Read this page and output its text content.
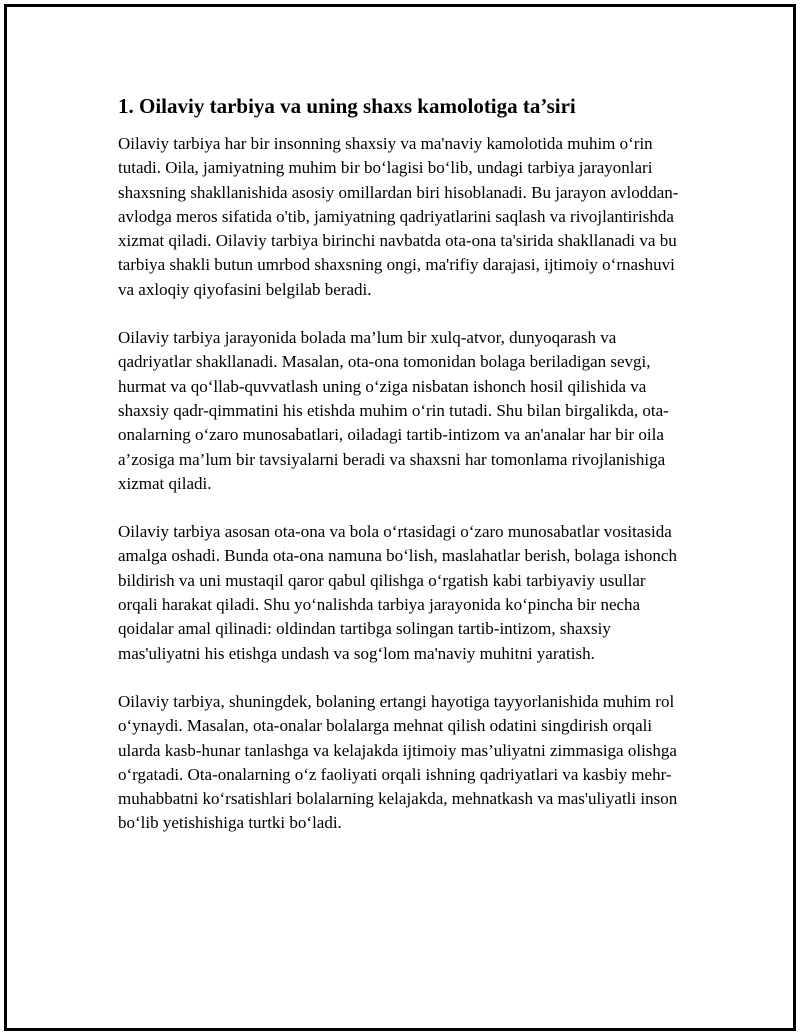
1. Oilaviy tarbiya va uning shaxs kamolotiga ta’siri

Oilaviy tarbiya har bir insonning shaxsiy va ma'naviy kamolotida muhim o‘rin tutadi. Oila, jamiyatning muhim bir bo‘lagisi bo‘lib, undagi tarbiya jarayonlari shaxsning shakllanishida asosiy omillardan biri hisoblanadi. Bu jarayon avloddan-avlodga meros sifatida o'tib, jamiyatning qadriyatlarini saqlash va rivojlantirishda xizmat qiladi. Oilaviy tarbiya birinchi navbatda ota-ona ta'sirida shakllanadi va bu tarbiya shakli butun umrbod shaxsning ongi, ma'rifiy darajasi, ijtimoiy o‘rnashuvi va axloqiy qiyofasini belgilab beradi.

Oilaviy tarbiya jarayonida bolada ma’lum bir xulq-atvor, dunyoqarash va qadriyatlar shakllanadi. Masalan, ota-ona tomonidan bolaga beriladigan sevgi, hurmat va qo‘llab-quvvatlash uning o‘ziga nisbatan ishonch hosil qilishida va shaxsiy qadr-qimmatini his etishda muhim o‘rin tutadi. Shu bilan birgalikda, ota-onalarning o‘zaro munosabatlari, oiladagi tartib-intizom va an'analar har bir oila a’zosiga ma’lum bir tavsiyalarni beradi va shaxsni har tomonlama rivojlanishiga xizmat qiladi.

Oilaviy tarbiya asosan ota-ona va bola o‘rtasidagi o‘zaro munosabatlar vositasida amalga oshadi. Bunda ota-ona namuna bo‘lish, maslahatlar berish, bolaga ishonch bildirish va uni mustaqil qaror qabul qilishga o‘rgatish kabi tarbiyaviy usullar orqali harakat qiladi. Shu yo‘nalishda tarbiya jarayonida ko‘pincha bir necha qoidalar amal qilinadi: oldindan tartibga solingan tartib-intizom, shaxsiy mas'uliyatni his etishga undash va sog‘lom ma'naviy muhitni yaratish.

Oilaviy tarbiya, shuningdek, bolaning ertangi hayotiga tayyorlanishida muhim rol o‘ynaydi. Masalan, ota-onalar bolalarga mehnat qilish odatini singdirish orqali ularda kasb-hunar tanlashga va kelajakda ijtimoiy mas’uliyatni zimmasiga olishga o‘rgatadi. Ota-onalarning o‘z faoliyati orqali ishning qadriyatlari va kasbiy mehr-muhabbatni ko‘rsatishlari bolalarning kelajakda, mehnatkash va mas'uliyatli inson bo‘lib yetishishiga turtki bo‘ladi.
